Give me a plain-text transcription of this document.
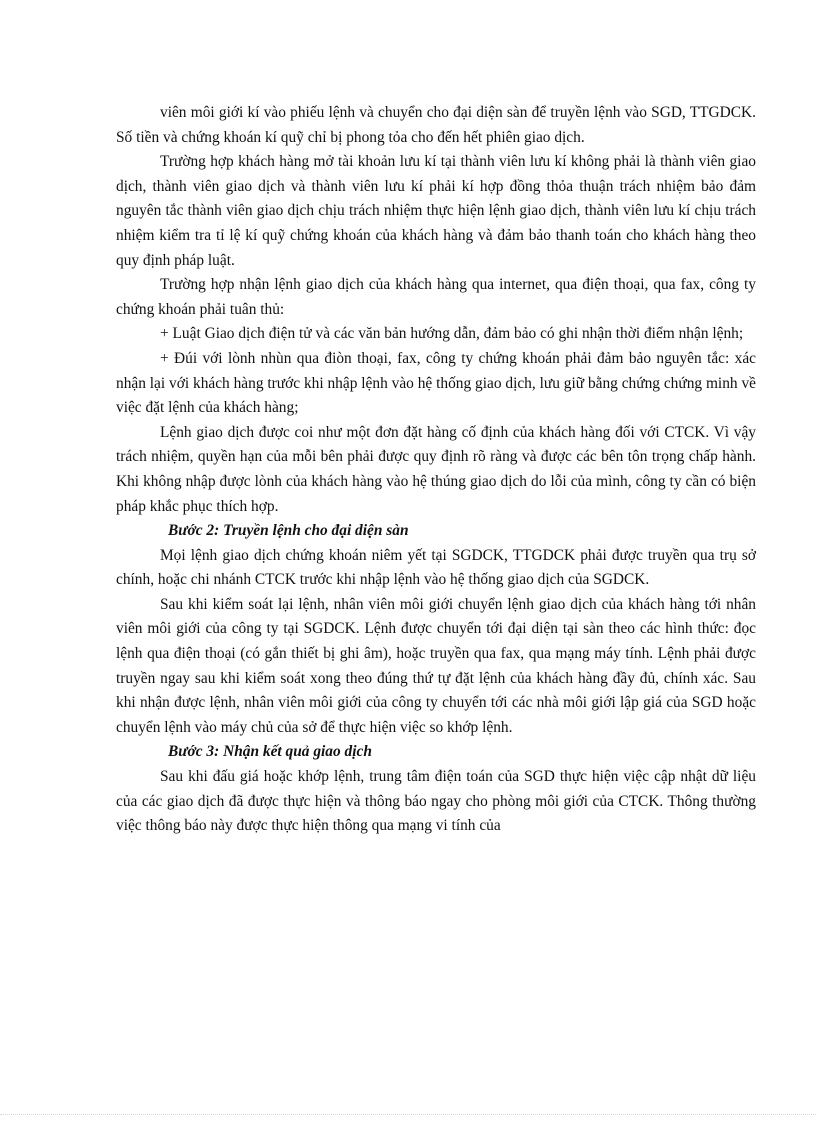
viên môi giới kí vào phiếu lệnh và chuyển cho đại diện sàn để truyền lệnh vào SGD, TTGDCK. Số tiền và chứng khoán kí quỹ chỉ bị phong tỏa cho đến hết phiên giao dịch.

Trường hợp khách hàng mở tài khoản lưu kí tại thành viên lưu kí không phải là thành viên giao dịch, thành viên giao dịch và thành viên lưu kí phải kí hợp đồng thỏa thuận trách nhiệm bảo đảm nguyên tắc thành viên giao dịch chịu trách nhiệm thực hiện lệnh giao dịch, thành viên lưu kí chịu trách nhiệm kiểm tra tỉ lệ kí quỹ chứng khoán của khách hàng và đảm bảo thanh toán cho khách hàng theo quy định pháp luật.

Trường hợp nhận lệnh giao dịch của khách hàng qua internet, qua điện thoại, qua fax, công ty chứng khoán phải tuân thủ:

+ Luật Giao dịch điện tử và các văn bản hướng dẫn, đảm bảo có ghi nhận thời điểm nhận lệnh;

+ Đúi với lònh nhùn qua điòn thoại, fax, công ty chứng khoán phải đảm bảo nguyên tắc: xác nhận lại với khách hàng trước khi nhập lệnh vào hệ thống giao dịch, lưu giữ bằng chứng chứng minh về việc đặt lệnh của khách hàng;

Lệnh giao dịch được coi như một đơn đặt hàng cố định của khách hàng đối với CTCK. Vì vậy trách nhiệm, quyền hạn của mỗi bên phải được quy định rõ ràng và được các bên tôn trọng chấp hành. Khi không nhập được lònh của khách hàng vào hệ thúng giao dịch do lỗi của mình, công ty cần có biện pháp khắc phục thích hợp.

Bước 2: Truyền lệnh cho đại diện sàn

Mọi lệnh giao dịch chứng khoán niêm yết tại SGDCK, TTGDCK phải được truyền qua trụ sở chính, hoặc chi nhánh CTCK trước khi nhập lệnh vào hệ thống giao dịch của SGDCK.

Sau khi kiểm soát lại lệnh, nhân viên môi giới chuyển lệnh giao dịch của khách hàng tới nhân viên môi giới của công ty tại SGDCK. Lệnh được chuyển tới đại diện tại sàn theo các hình thức: đọc lệnh qua điện thoại (có gắn thiết bị ghi âm), hoặc truyền qua fax, qua mạng máy tính. Lệnh phải được truyền ngay sau khi kiểm soát xong theo đúng thứ tự đặt lệnh của khách hàng đầy đủ, chính xác. Sau khi nhận được lệnh, nhân viên môi giới của công ty chuyển tới các nhà môi giới lập giá của SGD hoặc chuyển lệnh vào máy chủ của sở để thực hiện việc so khớp lệnh.

Bước 3: Nhận kết quả giao dịch

Sau khi đấu giá hoặc khớp lệnh, trung tâm điện toán của SGD thực hiện việc cập nhật dữ liệu của các giao dịch đã được thực hiện và thông báo ngay cho phòng môi giới của CTCK. Thông thường việc thông báo này được thực hiện thông qua mạng vi tính của
